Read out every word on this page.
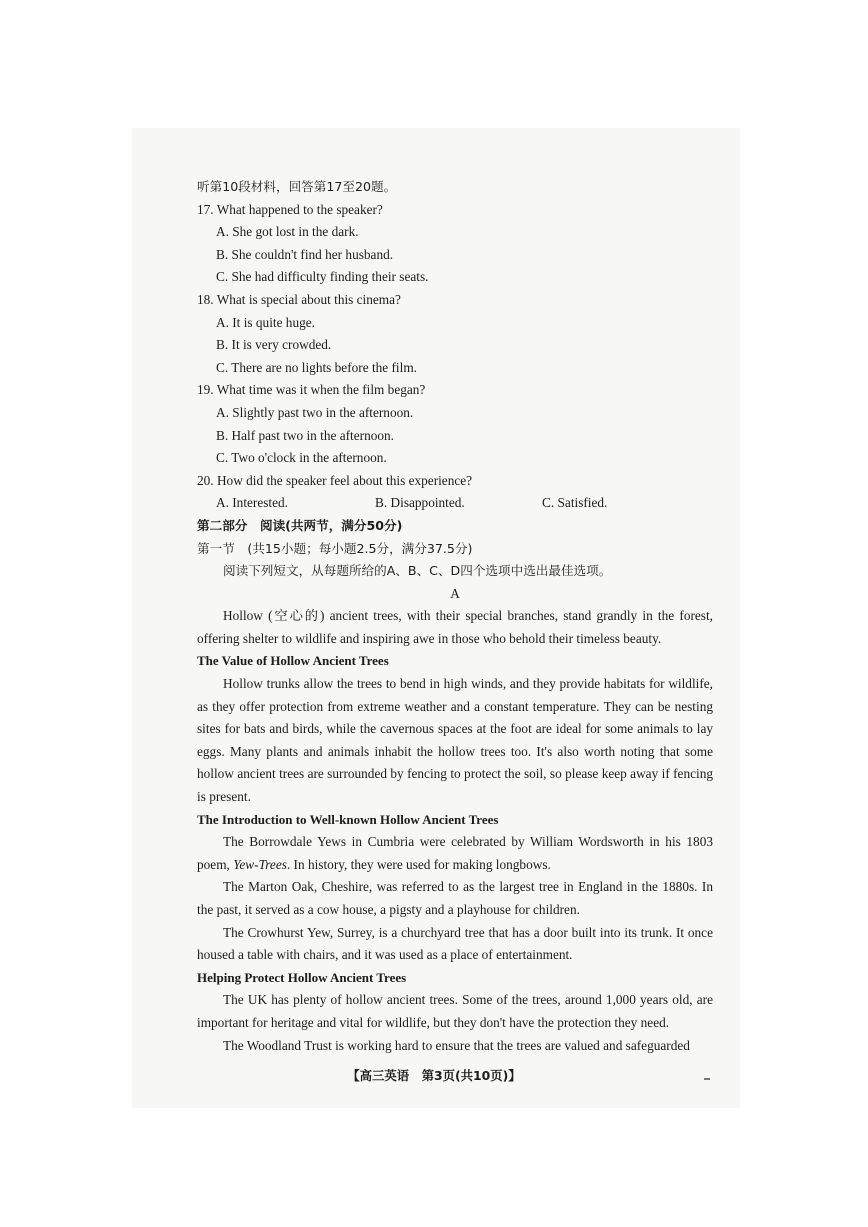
听第10段材料，回答第17至20题。
17. What happened to the speaker?
A. She got lost in the dark.
B. She couldn't find her husband.
C. She had difficulty finding their seats.
18. What is special about this cinema?
A. It is quite huge.
B. It is very crowded.
C. There are no lights before the film.
19. What time was it when the film began?
A. Slightly past two in the afternoon.
B. Half past two in the afternoon.
C. Two o'clock in the afternoon.
20. How did the speaker feel about this experience?
A. Interested.	B. Disappointed.	C. Satisfied.
第二部分　阅读(共两节，满分50分)
第一节　(共15小题；每小题2.5分，满分37.5分)
阅读下列短文，从每题所给的A、B、C、D四个选项中选出最佳选项。
A
Hollow (空心的) ancient trees, with their special branches, stand grandly in the forest, offering shelter to wildlife and inspiring awe in those who behold their timeless beauty.
The Value of Hollow Ancient Trees
Hollow trunks allow the trees to bend in high winds, and they provide habitats for wildlife, as they offer protection from extreme weather and a constant temperature. They can be nesting sites for bats and birds, while the cavernous spaces at the foot are ideal for some animals to lay eggs. Many plants and animals inhabit the hollow trees too. It's also worth noting that some hollow ancient trees are surrounded by fencing to protect the soil, so please keep away if fencing is present.
The Introduction to Well-known Hollow Ancient Trees
The Borrowdale Yews in Cumbria were celebrated by William Wordsworth in his 1803 poem, Yew-Trees. In history, they were used for making longbows.
The Marton Oak, Cheshire, was referred to as the largest tree in England in the 1880s. In the past, it served as a cow house, a pigsty and a playhouse for children.
The Crowhurst Yew, Surrey, is a churchyard tree that has a door built into its trunk. It once housed a table with chairs, and it was used as a place of entertainment.
Helping Protect Hollow Ancient Trees
The UK has plenty of hollow ancient trees. Some of the trees, around 1,000 years old, are important for heritage and vital for wildlife, but they don't have the protection they need.
The Woodland Trust is working hard to ensure that the trees are valued and safeguarded
【高三英语　第3页(共10页)】
